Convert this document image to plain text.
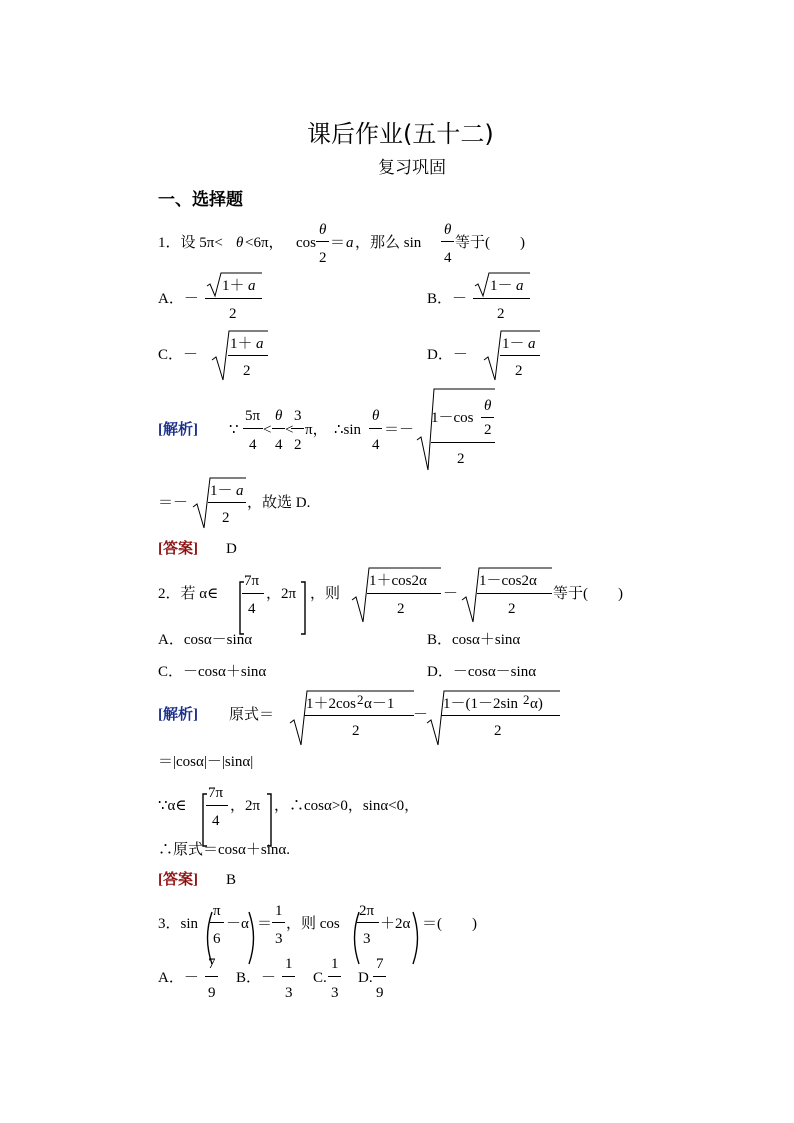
课后作业(五十二)
复习巩固
一、选择题
1．设 5π< θ <6π， cos
θ
2
＝ a ，那么 sin
θ
4
等于(　　)
A．－
1＋ a
2
B．－
1－ a
2
C．－
1＋ a
2
D．－
1－ a
2
[解析] ∵
5π
4
<
θ
4
<
3
2
π， ∴sin
θ
4
＝－
1－cos
θ
2
2
＝－
1－ a
2
，故选 D.
[答案] D
2．若 α∈
7π
4
，2π ，则
1＋cos2α
2
－
1－cos2α
2
等于(　　)
A．cosα－sinα	B．cosα＋sinα
C．－cosα＋sinα	D．－cosα－sinα
[解析] 原式＝
1＋2cos 2 α－1
2
－
1－(1－2sin 2 α)
2
＝|cosα|－|sinα|
∵α∈
7π
4
，2π ，∴cosα>0，sinα<0，
∴原式＝cosα＋sinα.
[答案] B
3．sin
π
6
－α ＝
1
3
，则 cos
2π
3
＋2α ＝(　　)
A．－
7
9
B．－
1
3
C.
1
3
D.
7
9
